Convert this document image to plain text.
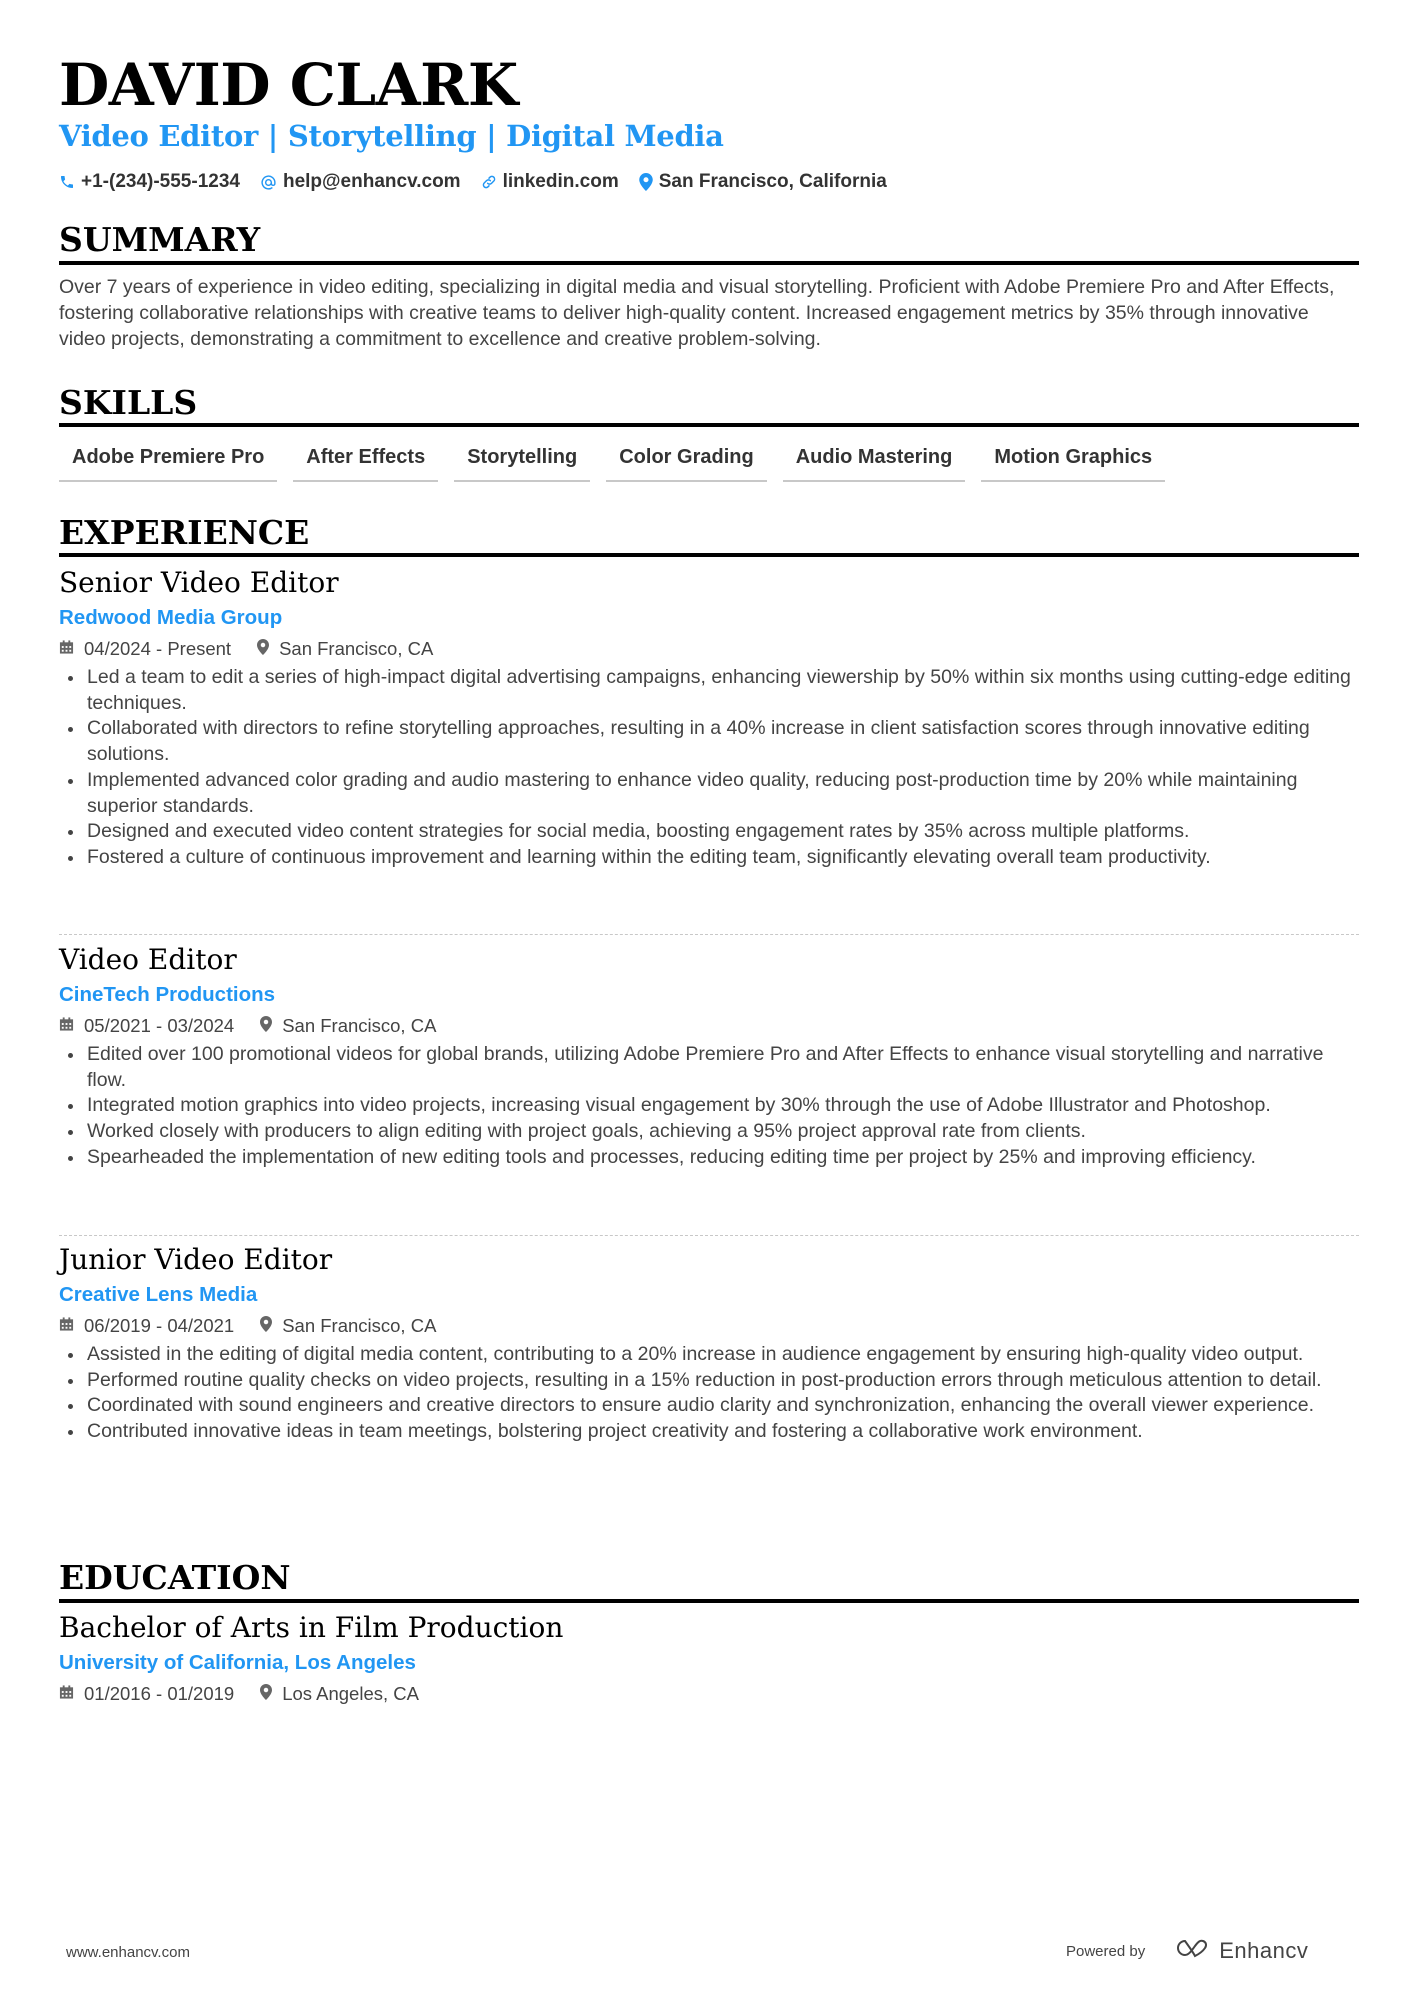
DAVID CLARK
Video Editor | Storytelling | Digital Media
+1-(234)-555-1234 help@enhancv.com linkedin.com San Francisco, California
SUMMARY
Over 7 years of experience in video editing, specializing in digital media and visual storytelling. Proficient with Adobe Premiere Pro and After Effects, fostering collaborative relationships with creative teams to deliver high-quality content. Increased engagement metrics by 35% through innovative video projects, demonstrating a commitment to excellence and creative problem-solving.
SKILLS
Adobe Premiere Pro	After Effects	Storytelling	Color Grading	Audio Mastering	Motion Graphics
EXPERIENCE
Senior Video Editor
Redwood Media Group
04/2024 - Present	San Francisco, CA
Led a team to edit a series of high-impact digital advertising campaigns, enhancing viewership by 50% within six months using cutting-edge editing techniques.
Collaborated with directors to refine storytelling approaches, resulting in a 40% increase in client satisfaction scores through innovative editing solutions.
Implemented advanced color grading and audio mastering to enhance video quality, reducing post-production time by 20% while maintaining superior standards.
Designed and executed video content strategies for social media, boosting engagement rates by 35% across multiple platforms.
Fostered a culture of continuous improvement and learning within the editing team, significantly elevating overall team productivity.
Video Editor
CineTech Productions
05/2021 - 03/2024	San Francisco, CA
Edited over 100 promotional videos for global brands, utilizing Adobe Premiere Pro and After Effects to enhance visual storytelling and narrative flow.
Integrated motion graphics into video projects, increasing visual engagement by 30% through the use of Adobe Illustrator and Photoshop.
Worked closely with producers to align editing with project goals, achieving a 95% project approval rate from clients.
Spearheaded the implementation of new editing tools and processes, reducing editing time per project by 25% and improving efficiency.
Junior Video Editor
Creative Lens Media
06/2019 - 04/2021	San Francisco, CA
Assisted in the editing of digital media content, contributing to a 20% increase in audience engagement by ensuring high-quality video output.
Performed routine quality checks on video projects, resulting in a 15% reduction in post-production errors through meticulous attention to detail.
Coordinated with sound engineers and creative directors to ensure audio clarity and synchronization, enhancing the overall viewer experience.
Contributed innovative ideas in team meetings, bolstering project creativity and fostering a collaborative work environment.
EDUCATION
Bachelor of Arts in Film Production
University of California, Los Angeles
01/2016 - 01/2019	Los Angeles, CA
www.enhancv.com	Powered by	Enhancv
